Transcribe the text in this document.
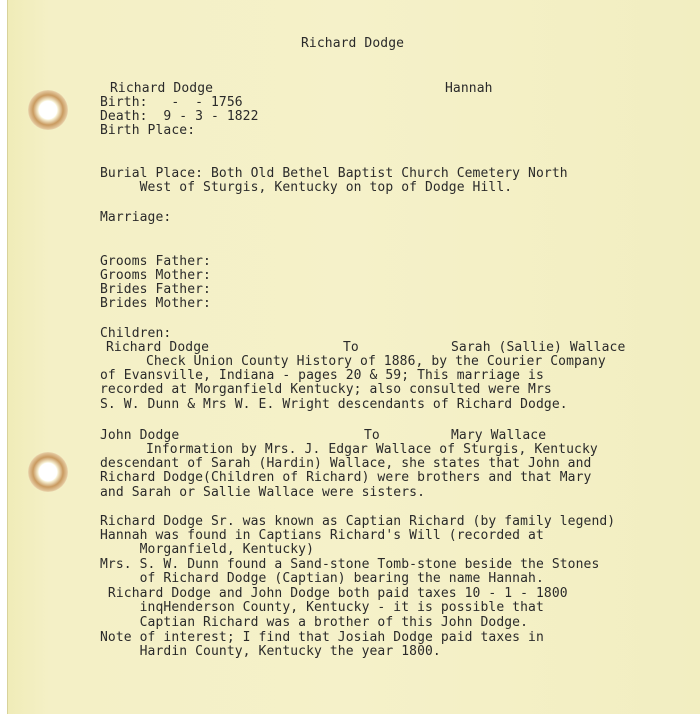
Richard Dodge

Richard Dodge	Hannah

Birth:   -  - 1756

Death:  9 - 3 - 1822

Birth Place:

Burial Place: Both Old Bethel Baptist Church Cemetery North

West of Sturgis, Kentucky on top of Dodge Hill.

Marriage:

Grooms Father:

Grooms Mother:

Brides Father:

Brides Mother:

Children:

Richard Dodge	To	Sarah (Sallie) Wallace

Check Union County History of 1886, by the Courier Company

of Evansville, Indiana - pages 20 & 59; This marriage is

recorded at Morganfield Kentucky; also consulted were Mrs

S. W. Dunn & Mrs W. E. Wright descendants of Richard Dodge.

John Dodge	To	Mary Wallace

Information by Mrs. J. Edgar Wallace of Sturgis, Kentucky

descendant of Sarah (Hardin) Wallace, she states that John and

Richard Dodge(Children of Richard) were brothers and that Mary

and Sarah or Sallie Wallace were sisters.

Richard Dodge Sr. was known as Captian Richard (by family legend)

Hannah was found in Captians Richard's Will (recorded at

Morganfield, Kentucky)

Mrs. S. W. Dunn found a Sand-stone Tomb-stone beside the Stones

of Richard Dodge (Captian) bearing the name Hannah.

Richard Dodge and John Dodge both paid taxes 10 - 1 - 1800

inqHenderson County, Kentucky - it is possible that

Captian Richard was a brother of this John Dodge.

Note of interest; I find that Josiah Dodge paid taxes in

Hardin County, Kentucky the year 1800.
